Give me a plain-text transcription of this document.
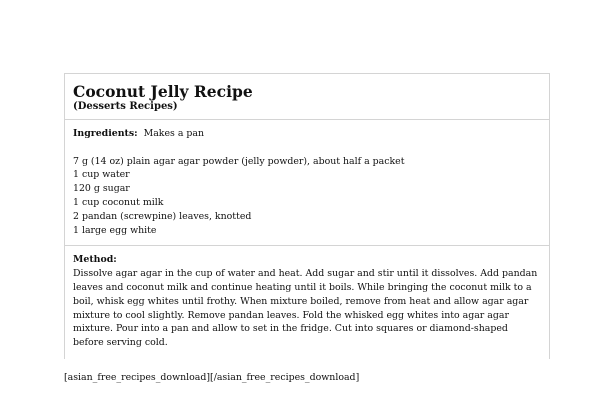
Coconut Jelly Recipe
(Desserts Recipes)
Ingredients: Makes a pan
7 g (14 oz) plain agar agar powder (jelly powder), about half a packet
1 cup water
120 g sugar
1 cup coconut milk
2 pandan (screwpine) leaves, knotted
1 large egg white
Method:

Dissolve agar agar in the cup of water and heat. Add sugar and stir until it dissolves. Add pandan leaves and coconut milk and continue heating until it boils. While bringing the coconut milk to a boil, whisk egg whites until frothy. When mixture boiled, remove from heat and allow agar agar mixture to cool slightly. Remove pandan leaves. Fold the whisked egg whites into agar agar mixture. Pour into a pan and allow to set in the fridge. Cut into squares or diamond-shaped before serving cold.

[asian_free_recipes_download][/asian_free_recipes_download]
